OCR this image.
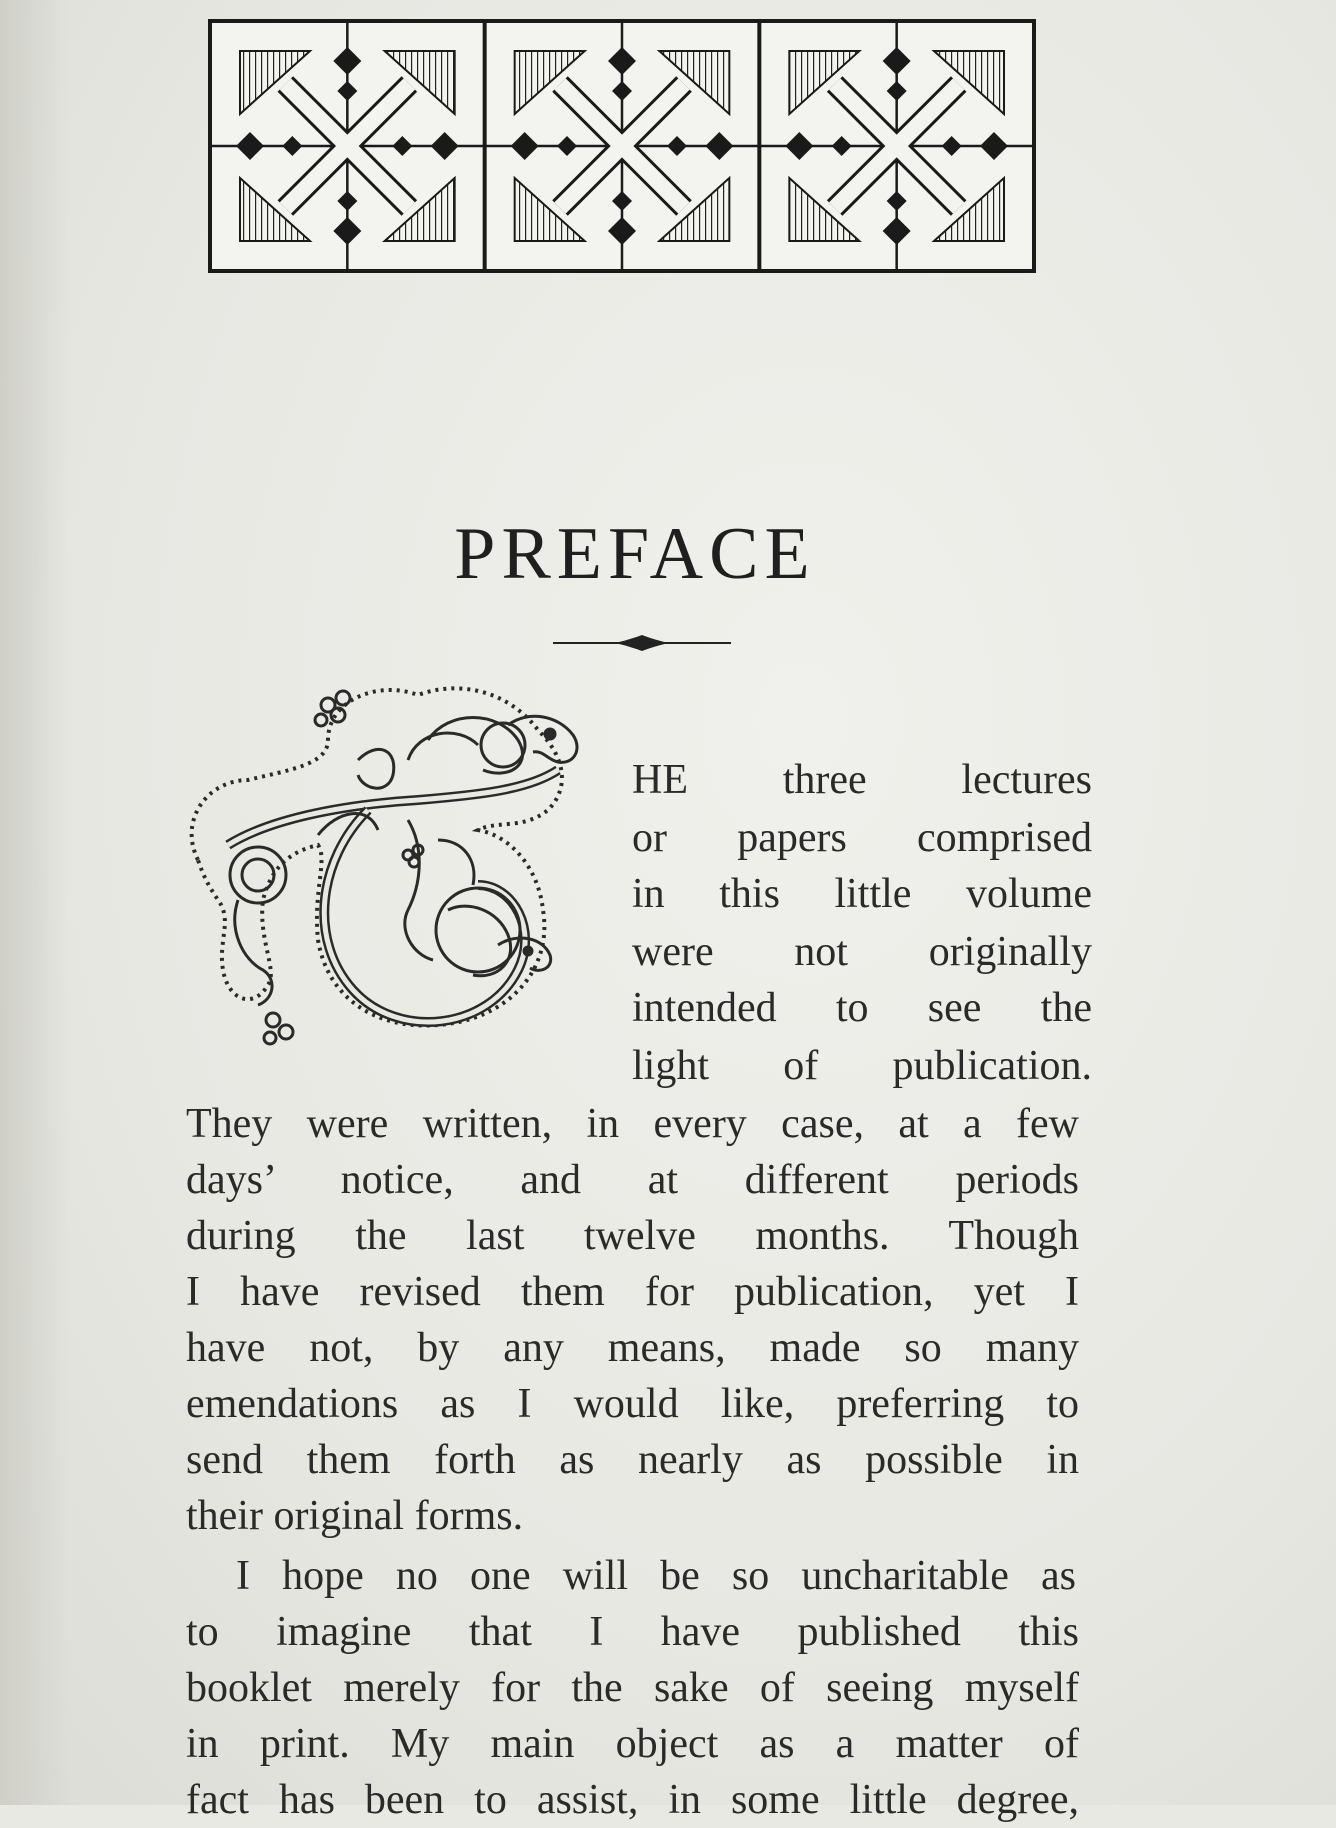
PREFACE

HE three lectures

or papers comprised

in this little volume

were not originally

intended to see the

light of publication.

They were written, in every case, at a few

days’ notice, and at different periods

during the last twelve months. Though

I have revised them for publication, yet I

have not, by any means, made so many

emendations as I would like, preferring to

send them forth as nearly as possible in

their original forms.

I hope no one will be so uncharitable as

to imagine that I have published this

booklet merely for the sake of seeing myself

in print. My main object as a matter of

fact has been to assist, in some little degree,
